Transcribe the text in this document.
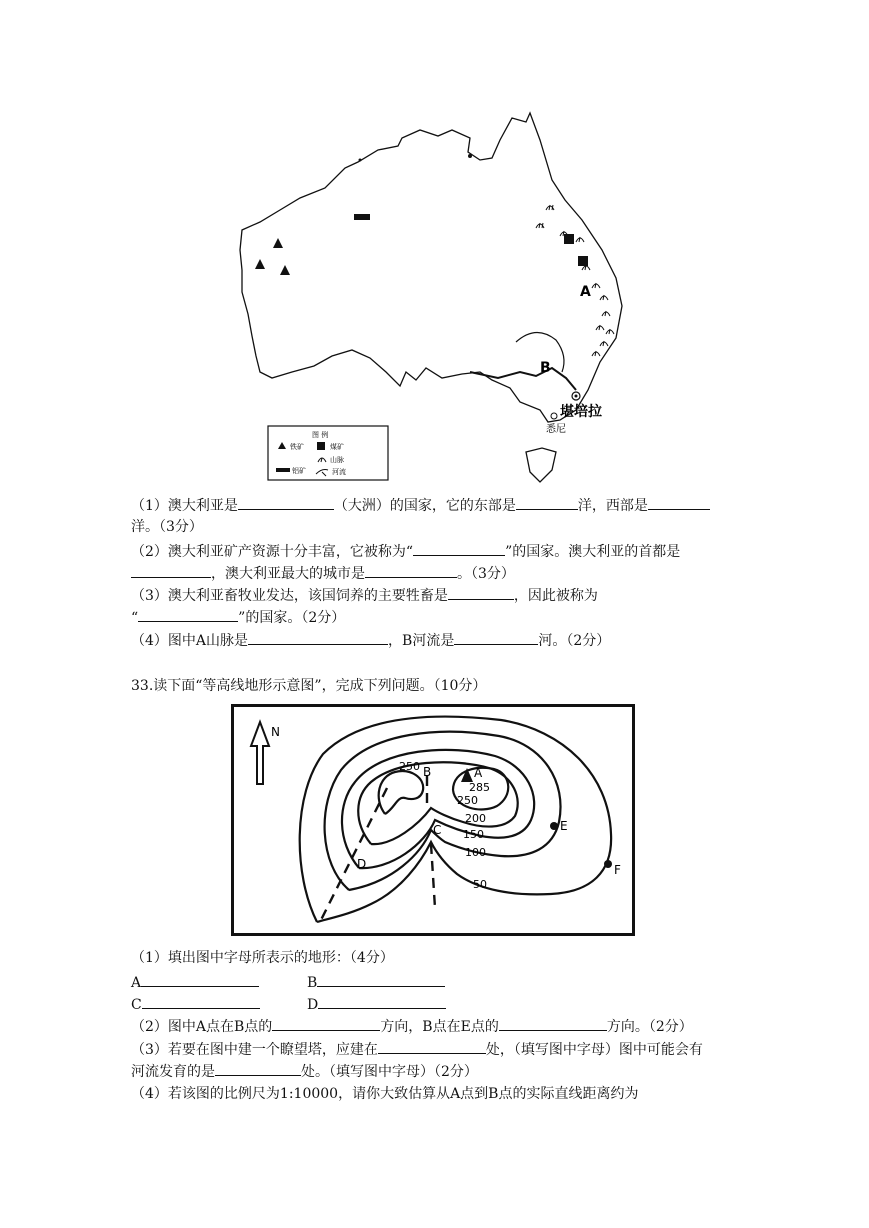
A
B
堪培拉
悉尼
图 例
铁矿	煤矿
山脉
铝矿	河流
（1）澳大利亚是	（大洲）的国家，它的东部是	洋，西部是
洋。（3分）
（2）澳大利亚矿产资源十分丰富，它被称为“	”的国家。澳大利亚的首都是
，澳大利亚最大的城市是	。（3分）
（3）澳大利亚畜牧业发达，该国饲养的主要牲畜是	，因此被称为
“	”的国家。（2分）
（4）图中A山脉是	，B河流是	河。（2分）
33.读下面“等高线地形示意图”，完成下列问题。（10分）
N
A
B
C
D
E
F
250
285
250
200
150
100
50
（1）填出图中字母所表示的地形：（4分）
A	B
C	D
（2）图中A点在B点的	方向，B点在E点的	方向。（2分）
（3）若要在图中建一个瞭望塔，应建在	处，（填写图中字母）图中可能会有
河流发育的是	处。（填写图中字母）（2分）
（4）若该图的比例尺为1:10000，请你大致估算从A点到B点的实际直线距离约为
